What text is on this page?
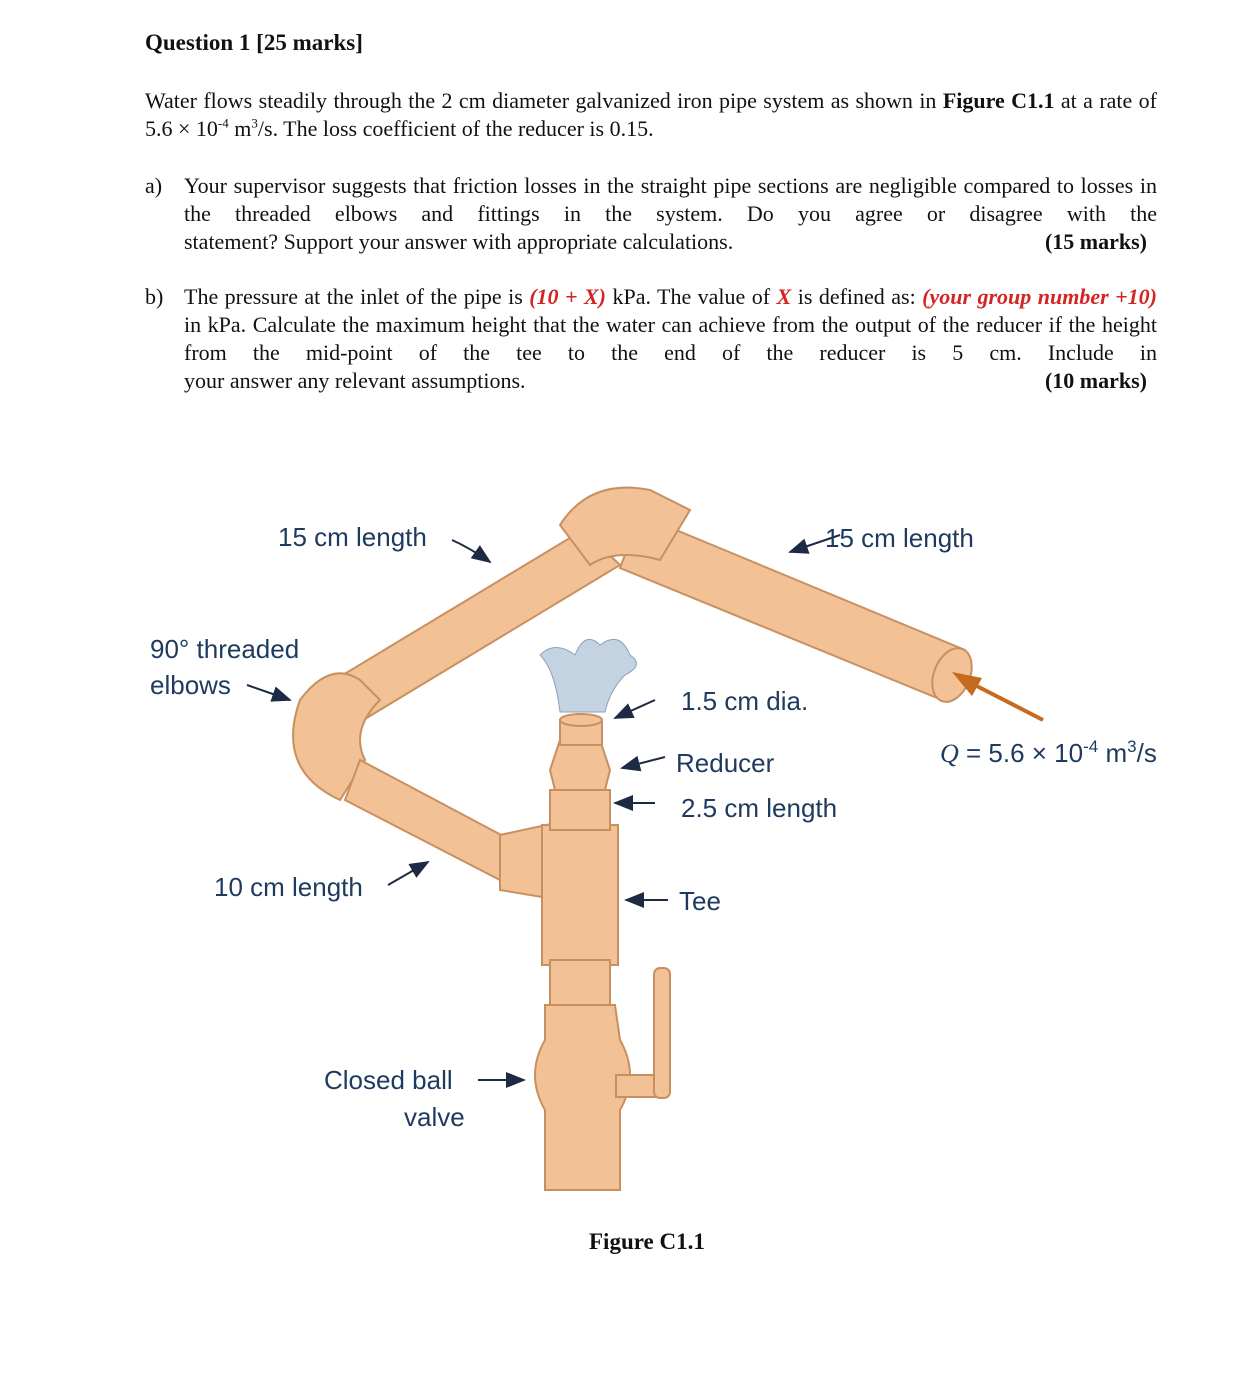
Question 1 [25 marks]
Water flows steadily through the 2 cm diameter galvanized iron pipe system as shown in Figure C1.1 at a rate of $5.6 \times 10^{-4}$ $m^3/s$. The loss coefficient of the reducer is 0.15.
a) Your supervisor suggests that friction losses in the straight pipe sections are negligible compared to losses in the threaded elbows and fittings in the system. Do you agree or disagree with the
statement? Support your answer with appropriate calculations.	(15 marks)
b) The pressure at the inlet of the pipe is (10 + X) kPa. The value of X is defined as: (your group number +10) in kPa. Calculate the maximum height that the water can achieve from the output of the reducer if the height from the mid-point of the tee to the end of the reducer is 5 cm. Include in
your answer any relevant assumptions.	(10 marks)
15 cm length	15 cm length
90° threaded
elbows
1.5 cm dia.
Reducer
2.5 cm length
10 cm length	Tee
Closed ball
valve
$Q = 5.6 \times 10^{-4}$ $m^3/s$
Figure C1.1
